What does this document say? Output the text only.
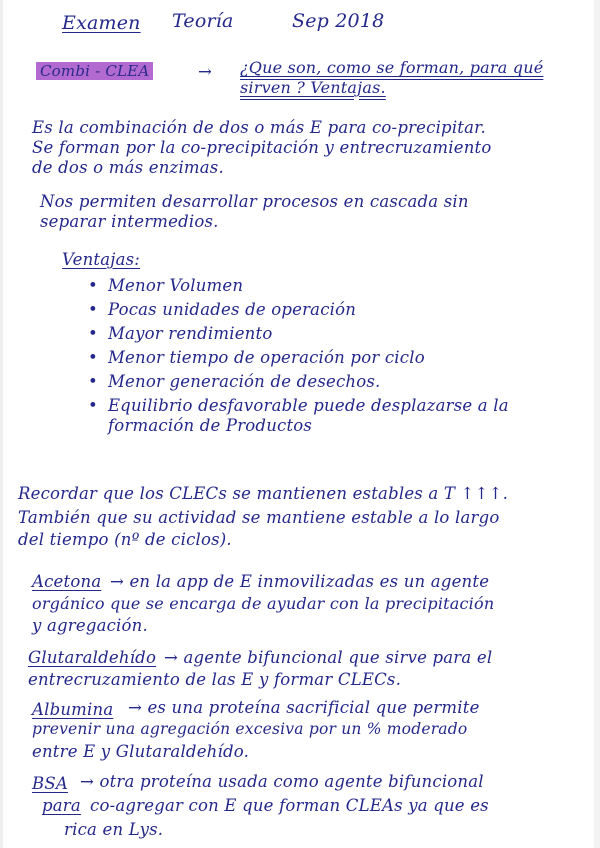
Examen Teoría	Sep 2018
Combi - CLEA	→ ¿Que son, como se forman, para qué
sirven ? Ventajas.
Es la combinación de dos o más E para co-precipitar.
Se forman por la co-precipitación y entrecruzamiento
de dos o más enzimas.
Nos permiten desarrollar procesos en cascada sin
separar intermedios.
Ventajas:
• Menor Volumen
• Pocas unidades de operación
• Mayor rendimiento
• Menor tiempo de operación por ciclo
• Menor generación de desechos.
• Equilibrio desfavorable puede desplazarse a la
formación de Productos
Recordar que los CLECs se mantienen estables a T ↑↑↑.
También que su actividad se mantiene estable a lo largo
del tiempo (nº de ciclos).
Acetona → en la app de E inmovilizadas es un agente
orgánico que se encarga de ayudar con la precipitación
y agregación.
Glutaraldehído → agente bifuncional que sirve para el
entrecruzamiento de las E y formar CLECs.
Albumina → es una proteína sacrificial que permite
prevenir una agregación excesiva por un % moderado
entre E y Glutaraldehído.
BSA → otra proteína usada como agente bifuncional
para co-agregar con E que forman CLEAs ya que es
rica en Lys.
